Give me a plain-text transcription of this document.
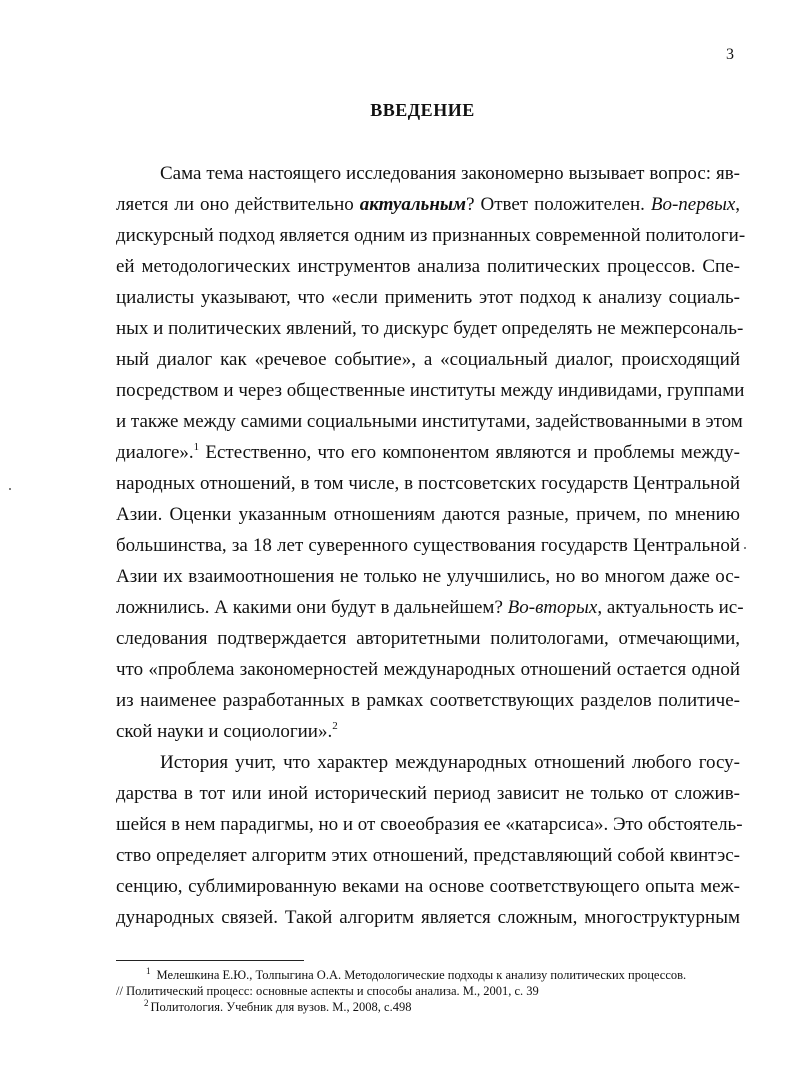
3
ВВЕДЕНИЕ
Сама тема настоящего исследования закономерно вызывает вопрос: яв-
ляется ли оно действительно актуальным? Ответ положителен. Во-первых,
дискурсный подход является одним из признанных современной политологи-
ей методологических инструментов анализа политических процессов. Спе-
циалисты указывают, что «если применить этот подход к анализу социаль-
ных и политических явлений, то дискурс будет определять не межперсональ-
ный диалог как «речевое событие», а «социальный диалог, происходящий
посредством и через общественные институты между индивидами, группами
и также между самими социальными институтами, задействованными в этом
диалоге».$^1$ Естественно, что его компонентом являются и проблемы между-
народных отношений, в том числе, в постсоветских государств Центральной
Азии. Оценки указанным отношениям даются разные, причем, по мнению
большинства, за 18 лет суверенного существования государств Центральной
Азии их взаимоотношения не только не улучшились, но во многом даже ос-
ложнились. А какими они будут в дальнейшем? Во-вторых, актуальность ис-
следования подтверждается авторитетными политологами, отмечающими,
что «проблема закономерностей международных отношений остается одной
из наименее разработанных в рамках соответствующих разделов политиче-
ской науки и социологии».$^2$
История учит, что характер международных отношений любого госу-
дарства в тот или иной исторический период зависит не только от сложив-
шейся в нем парадигмы, но и от своеобразия ее «катарсиса». Это обстоятель-
ство определяет алгоритм этих отношений, представляющий собой квинтэс-
сенцию, сублимированную веками на основе соответствующего опыта меж-
дународных связей. Такой алгоритм является сложным, многоструктурным
$^1$ Мелешкина Е.Ю., Толпыгина О.А. Методологические подходы к анализу политических процессов.
// Политический процесс: основные аспекты и способы анализа. М., 2001, с. 39
$^2$ Политология. Учебник для вузов. М., 2008, с.498
